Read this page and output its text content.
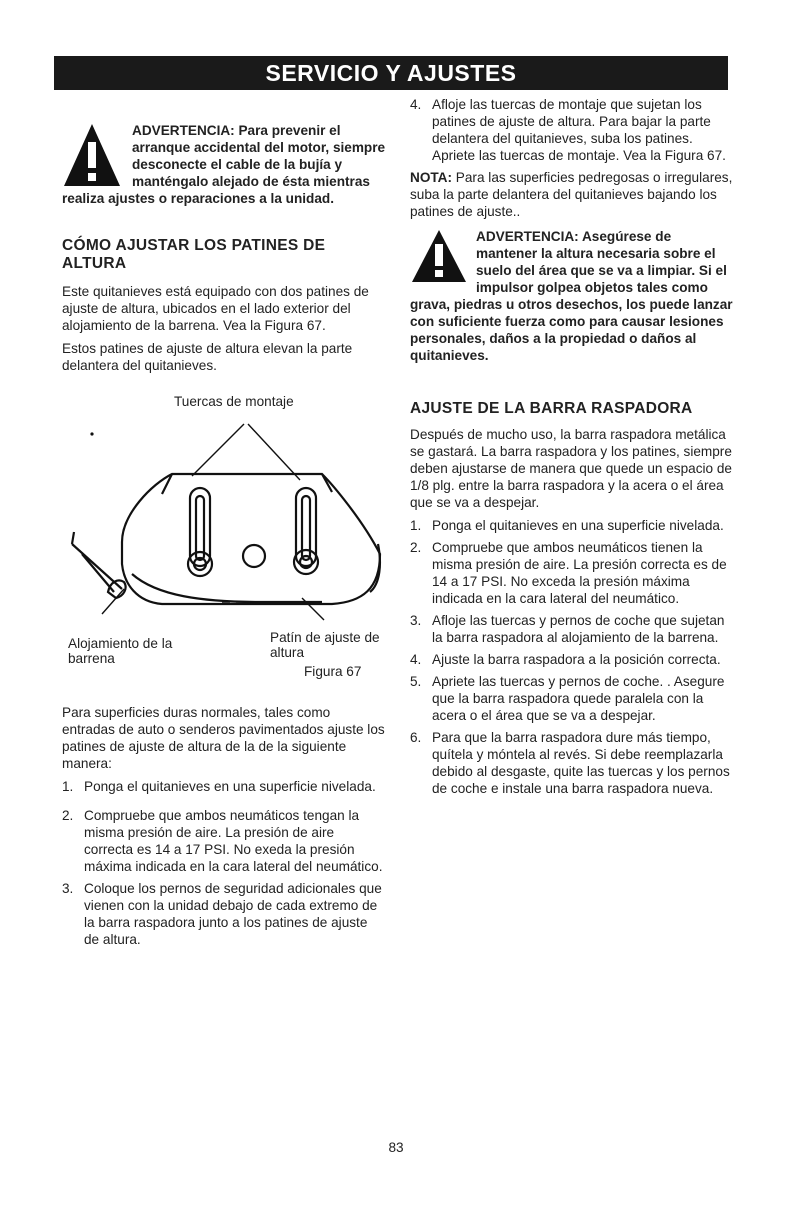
SERVICIO Y AJUSTES
ADVERTENCIA: Para prevenir el arranque accidental del motor, siempre desconecte el cable de la bujía y manténgalo alejado de ésta mientras realiza ajustes o reparaciones a la unidad.
CÓMO AJUSTAR LOS PATINES DE ALTURA

Este quitanieves está equipado con dos patines de ajuste de altura, ubicados en el lado exterior del alojamiento de la barrena. Vea la Figura 67.

Estos patines de ajuste de altura elevan la parte delantera del quitanieves.

Tuercas de montaje
Alojamiento de la barrena
Patín de ajuste de altura
Figura 67

Para superficies duras normales, tales como entradas de auto o senderos pavimentados ajuste los patines de ajuste de altura de la de la siguiente manera:

1. Ponga el quitanieves en una superficie nivelada.
2. Compruebe que ambos neumáticos tengan la misma presión de aire. La presión de aire correcta es 14 a 17 PSI. No exeda la presión máxima indicada en la cara lateral del neumático.
3. Coloque los pernos de seguridad adicionales que vienen con la unidad debajo de cada extremo de la barra raspadora junto a los patines de ajuste de altura.
4. Afloje las tuercas de montaje que sujetan los patines de ajuste de altura. Para bajar la parte delantera del quitanieves, suba los patines. Apriete las tuercas de montaje. Vea la Figura 67.

NOTA: Para las superficies pedregosas o irregulares, suba la parte delantera del quitanieves bajando los patines de ajuste..

ADVERTENCIA: Asegúrese de mantener la altura necesaria sobre el suelo del área que se va a limpiar. Si el impulsor golpea objetos tales como grava, piedras u otros desechos, los puede lanzar con suficiente fuerza como para causar lesiones personales, daños a la propiedad o daños al quitanieves.
AJUSTE DE LA BARRA RASPADORA

Después de mucho uso, la barra raspadora metálica se gastará. La barra raspadora y los patines, siempre deben ajustarse de manera que quede un espacio de 1/8 plg. entre la barra raspadora y la acera o el área que se va a despejar.

1. Ponga el quitanieves en una superficie nivelada.
2. Compruebe que ambos neumáticos tienen la misma presión de aire. La presión correcta es de 14 a 17 PSI. No exceda la presión máxima indicada en la cara lateral del neumático.
3. Afloje las tuercas y pernos de coche que sujetan la barra raspadora al alojamiento de la barrena.
4. Ajuste la barra raspadora a la posición correcta.
5. Apriete las tuercas y pernos de coche. . Asegure que la barra raspadora quede paralela con la acera o el área que se va a despejar.
6. Para que la barra raspadora dure más tiempo, quítela y móntela al revés. Si debe reemplazarla debido al desgaste, quite las tuercas y los pernos de coche e instale una barra raspadora nueva.
83
